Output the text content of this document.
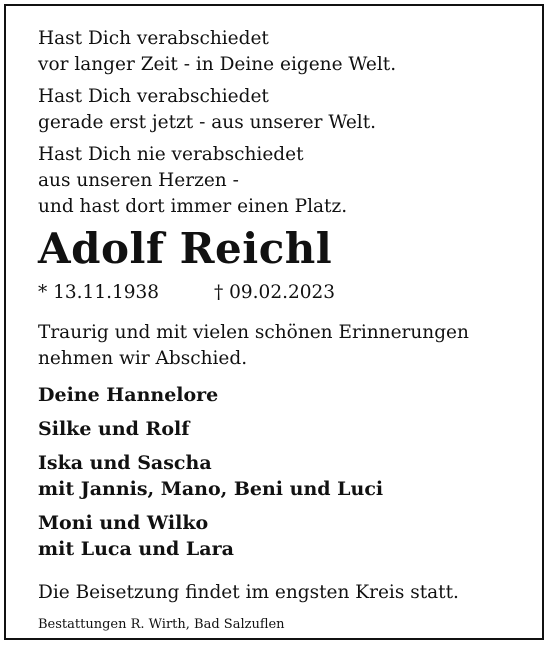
Hast Dich verabschiedet
vor langer Zeit - in Deine eigene Welt.
Hast Dich verabschiedet
gerade erst jetzt - aus unserer Welt.
Hast Dich nie verabschiedet
aus unseren Herzen -
und hast dort immer einen Platz.
Adolf Reichl
* 13.11.1938	† 09.02.2023
Traurig und mit vielen schönen Erinnerungen
nehmen wir Abschied.
Deine Hannelore
Silke und Rolf
Iska und Sascha
mit Jannis, Mano, Beni und Luci
Moni und Wilko
mit Luca und Lara
Die Beisetzung findet im engsten Kreis statt.
Bestattungen R. Wirth, Bad Salzuflen
